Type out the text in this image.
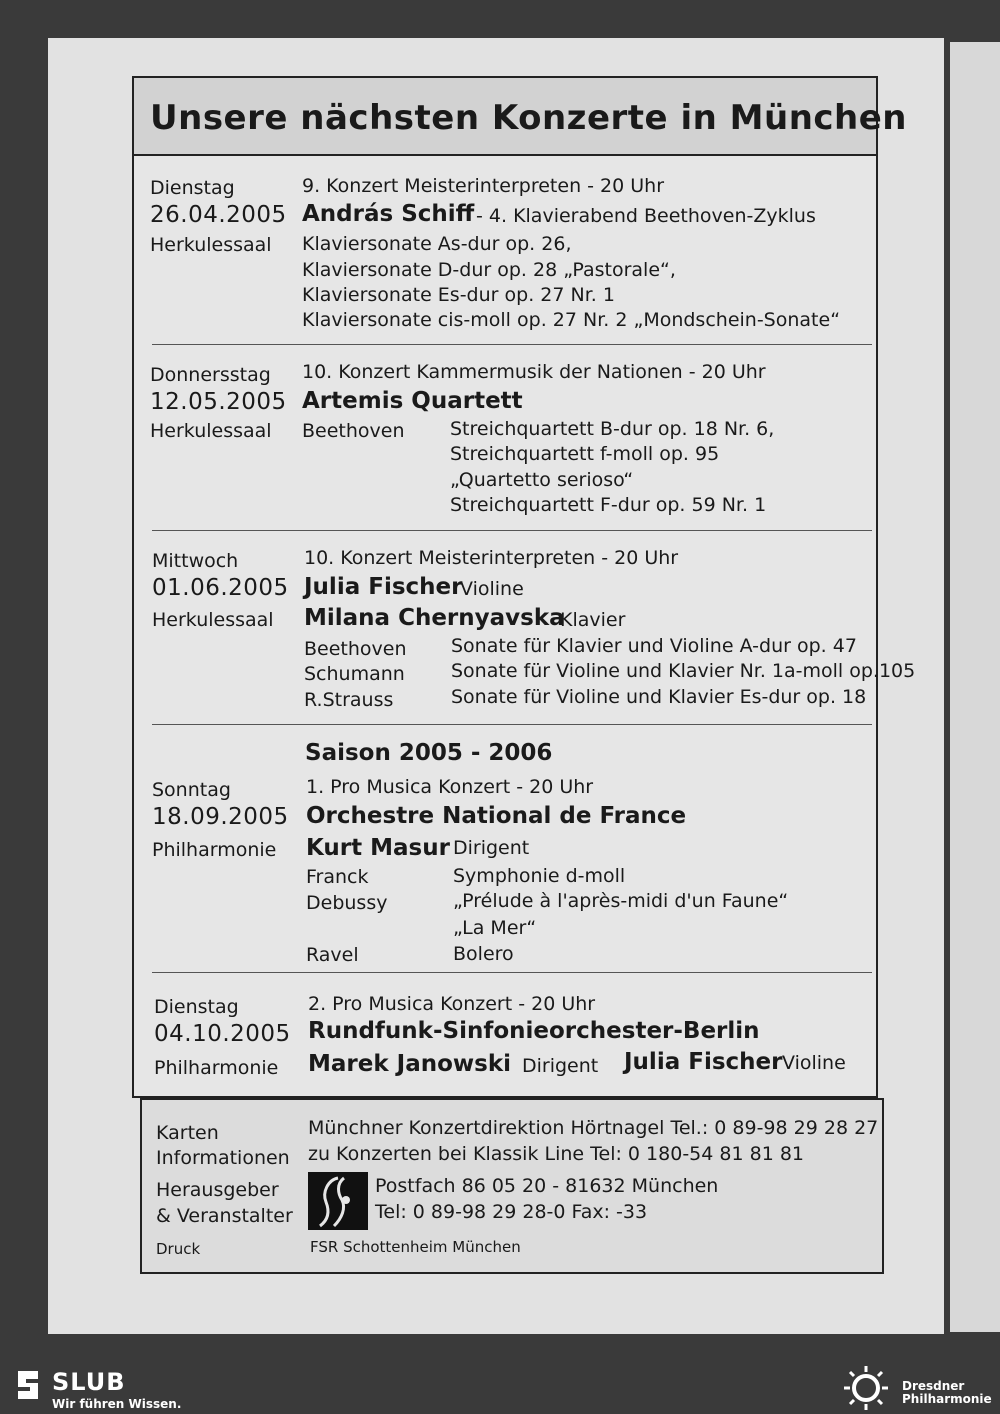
Unsere nächsten Konzerte in München
Dienstag
26.04.2005
Herkulessaal
9. Konzert Meisterinterpreten - 20 Uhr
András Schiff - 4. Klavierabend Beethoven-Zyklus
Klaviersonate As-dur op. 26,
Klaviersonate D-dur op. 28 „Pastorale“,
Klaviersonate Es-dur op. 27 Nr. 1
Klaviersonate cis-moll op. 27 Nr. 2 „Mondschein-Sonate“
Donnersstag
12.05.2005
Herkulessaal
10. Konzert Kammermusik der Nationen - 20 Uhr
Artemis Quartett
Beethoven Streichquartett B-dur op. 18 Nr. 6,
Streichquartett f-moll op. 95
„Quartetto serioso“
Streichquartett F-dur op. 59 Nr. 1
Mittwoch
01.06.2005
Herkulessaal
10. Konzert Meisterinterpreten - 20 Uhr
Julia Fischer
Violine
Milana Chernyavska
Klavier
Beethoven
Schumann
R.Strauss
Sonate für Klavier und Violine A-dur op. 47
Sonate für Violine und Klavier Nr. 1a-moll op.105
Sonate für Violine und Klavier Es-dur op. 18
Saison 2005 - 2006
Sonntag
18.09.2005
Philharmonie
1. Pro Musica Konzert - 20 Uhr
Orchestre National de France
Kurt Masur Dirigent
Franck
Debussy
Ravel
Symphonie d-moll
„Prélude à l'après-midi d'un Faune“
„La Mer“
Bolero
Dienstag
04.10.2005
Philharmonie
2. Pro Musica Konzert - 20 Uhr
Rundfunk-Sinfonieorchester-Berlin
Marek Janowski Dirigent Julia Fischer Violine
Karten	Münchner Konzertdirektion Hörtnagel Tel.: 0 89-98 29 28 27
Informationen zu Konzerten bei Klassik Line Tel: 0 180-54 81 81 81
Herausgeber
& Veranstalter
Postfach 86 05 20 - 81632 München
Tel: 0 89-98 29 28-0 Fax: -33
Druck	FSR Schottenheim München
SLUB
Wir führen Wissen.
Dresdner
Philharmonie
